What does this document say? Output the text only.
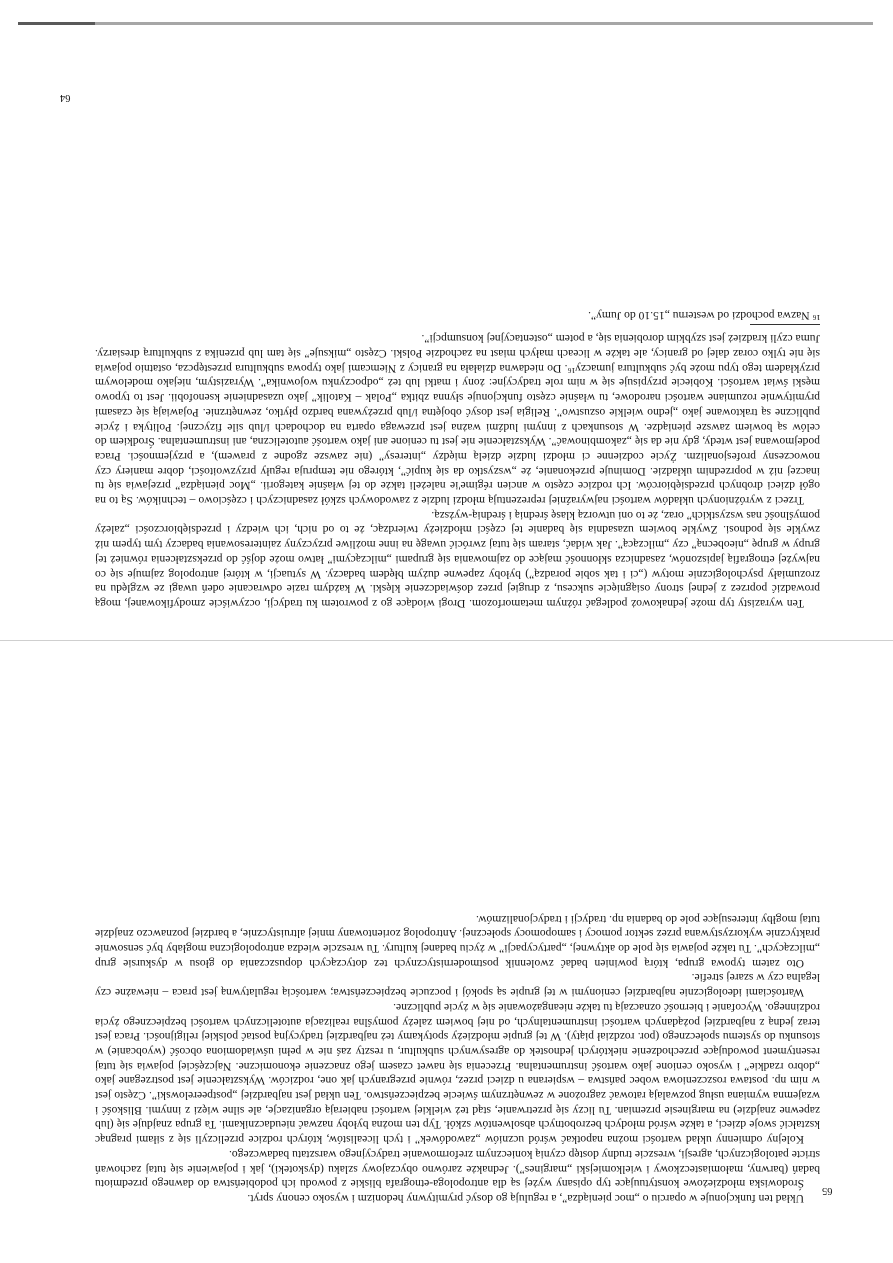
Ten wyrazisty typ może jednakowoż podlegać różnym metamorfozom. Drogi wiodące go z powrotem ku tradycji, oczywiście zmodyfikowanej, mogą prowadzić poprzez z jednej strony osiągnięcie sukcesu, z drugiej przez doświadczenie klęski. W każdym razie odwracanie odeń uwagi ze względu na zrozumiały psychologicznie motyw („ci i tak sobie poradzą”) byłoby zapewne dużym błędem badaczy. W sytuacji, w której antropolog zajmuje się co najwyżej etnografią japiszonów, zasadnicza skłonność mające do zajmowania się grupami „milczącymi” łatwo może dojść do przekształcenia również tej grupy w grupę „nieobecną” czy „milczącą”. Jak widać, staram się tutaj zwrócić uwagę na inne możliwe przyczyny zainteresowania badaczy tym typem niż zwykle się podnosi. Zwykle bowiem uzasadnia się badanie tej części młodzieży twierdząc, że to od nich, ich wiedzy i przedsiębiorczości „zależy pomyślność nas wszystkich” oraz, że to oni utworzą klasę średnią i średnią-wyższą.

Trzeci z wyróżnionych układów wartości najwyraźniej reprezentują młodzi ludzie z zawodowych szkół zasadniczych i częściowo – techników. Są to na ogół dzieci drobnych przedsiębiorców. Ich rodzice często w ancien régime'ie należeli także do tej właśnie kategorii. „Moc pieniądza” przejawia się tu inaczej niż w poprzednim układzie. Dominuje przekonanie, że „wszystko da się kupić”, którego nie tempruja reguły przyzwoitości, dobre maniery czy nowoczesny profesjonalizm. Życie codzienne ci młodzi ludzie dzielą między „interesy” (nie zawsze zgodne z prawem), a przyjemności. Praca podejmowana jest wtedy, gdy nie da się „zakombinować”. Wykształcenie nie jest tu cenione ani jako wartość autoteliczna, ani instrumentalna. Środkiem do celów są bowiem zawsze pieniądze. W stosunkach z innymi ludźmi ważna jest przewaga oparta na dochodach i/lub sile fizycznej. Polityka i życie publiczne są traktowane jako „jedno wielkie oszustwo”. Religia jest dosyć obojętna i/lub przeżywana bardzo płytko, zewnętrznie. Pojawiają się czasami prymitywnie rozumiane wartości narodowe, tu właśnie często funkcjonuje słynna zbitka „Polak – Katolik” jako uzasadnienie ksenofobii. Jest to typowo męski świat wartości. Kobiecie przypisuje się w nim role tradycyjne: żony i matki lub też „odpoczynku wojownika”. Wyrazistym, niejako modelowym przykładem tego typu może być subkultura jumaczy¹⁶. Do niedawna działała na granicy z Niemcami jako typowa subkultura przestępcza, ostatnio pojawia się nie tylko coraz dalej od granicy, ale także w liceach małych miast na zachodzie Polski. Często „miksuje” się tam lub przenika z subkulturą dresiarzy. Juma czyli kradzież jest szybkim dorobienia się, a potem „ostentacyjnej konsumpcji”.

¹⁶ Nazwa pochodzi od westernu „15.10 do Jumy”.

64

Układ ten funkcjonuje w oparciu o „moc pieniądza”, a regulują go dosyć prymitywny hedonizm i wysoko cenony spryt.

Środowiska młodzieżowe konstytuujące typ opisany wyżej są dla antropologa-etnografa bliskie z powodu ich podobieństwa do dawnego przedmiotu badań (barwny, małomiasteczkowy i wielkomiejski „margines”). Jednakże zarówno obyczajowy szlaku (dyskoteki), jak i pojawienie się tutaj zachowań stricte patologicznych, agresji, wreszcie trudny dostęp czynią koniecznym zreformowanie tradycyjnego warsztatu badawczego.

Kolejny odmienny układ wartości można napotkać wśród uczniów „zawodówek” i tych licealistów, których rodzice przeliczyli się z siłami pragnąc kształcić swoje dzieci, a także wśród młodych bezrobotnych absolwentów szkół. Typ ten można byłoby nazwać nieudacznikami. Ta grupa znajduje się (lub zapewne znajdzie) na marginesie przemian. Tu liczy się przetrwanie, stąd też wielkiej wartości nabierają organizacje, ale silne więzi z innymi. Bliskość i wzajemna wymiana usług pozwalają ratować zagrożone w zewnętrznym świecie bezpieczeństwo. Ten układ jest najbardziej „postpeerelowski”. Często jest w nim np. postawa roszczeniowa wobec państwa – wspierana u dzieci przez, równie przegranych jak one, rodziców. Wykształcenie jest postrzegane jako „dobro rzadkie” i wysoko cenione jako wartość instrumentalna. Przecenia się nawet czasem jego znaczenie ekonomiczne. Najczęściej pojawia się tutaj resentyment powodujące przechodzenie niektórych jednostek do agresywnych subkultur, u reszty zaś nie w pełni uświadomiona obcość (wyobcanie) w stosunku do systemu społecznego (por. rozdział piąty). W tej grupie młodzieży spotykamy też najbardziej tradycyjną postać polskiej religijności. Praca jest teraz jedną z najbardziej pożądanych wartości instrumentalnych, od niej bowiem zależy pomyślna realizacja autotelicznych wartości bezpiecznego życia rodzinnego. Wycofanie i bierność oznaczają tu także nieangażowanie się w życie publiczne.

Wartościami ideologicznie najbardziej cenionymi w tej grupie są spokój i poczucie bezpieczeństwa; wartością regulatywną jest praca – nieważne czy legalna czy w szarej strefie.

Oto zatem typowa grupa, którą powinien badać zwolennik postmodernistycznych tez dotyczących dopuszczania do głosu w dyskursie grup „milczących”. Tu także pojawia się pole do aktywnej, „partycypacji” w życiu badanej kultury. Tu wreszcie wiedza antropologiczna mogłaby być sensownie praktycznie wykorzystywana przez sektor pomocy i samopomocy społecznej. Antropolog zorientowany mniej altruistycznie, a bardziej poznawczo znajdzie tutaj mogłby interesujące pole do badania np. tradycji i tradycjonalizmów.

65
